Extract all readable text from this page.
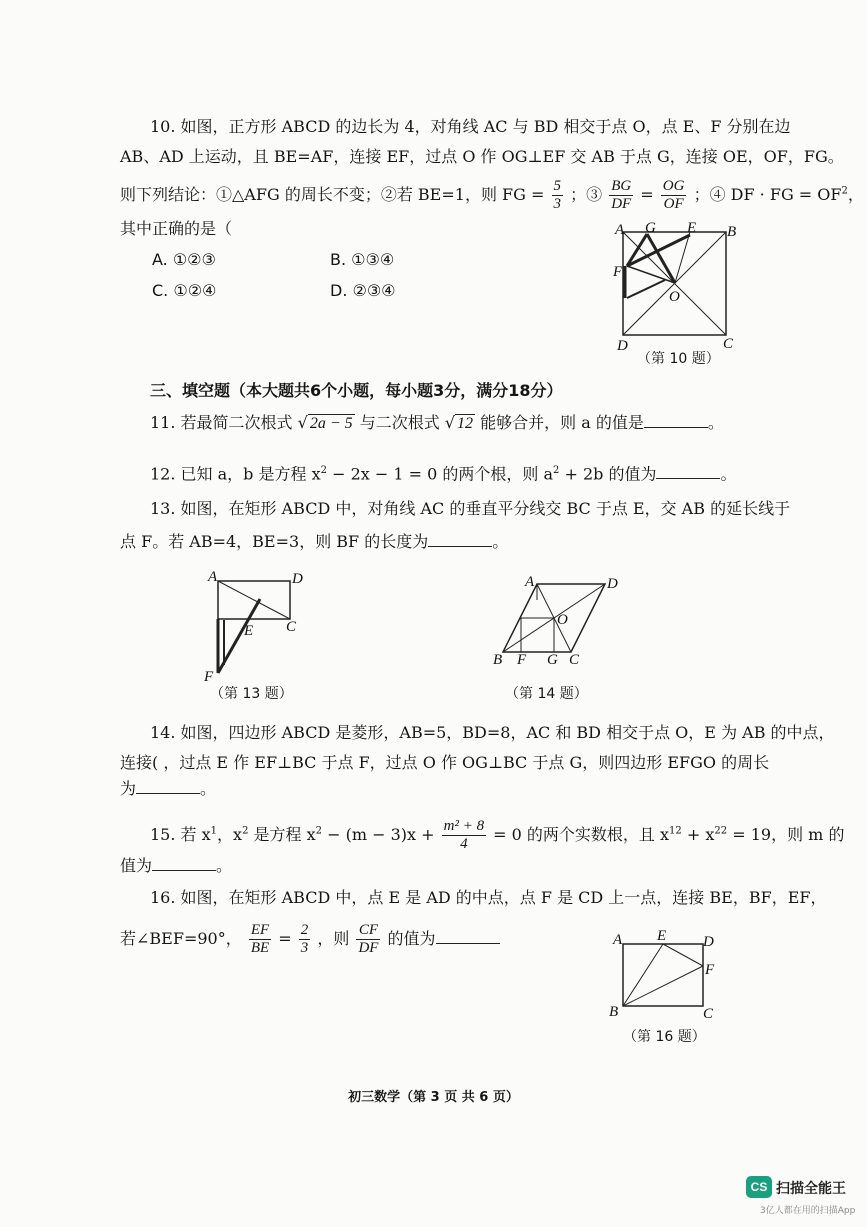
10. 如图，正方形 ABCD 的边长为 4，对角线 AC 与 BD 相交于点 O，点 E、F 分别在边
AB、AD 上运动，且 BE=AF，连接 EF，过点 O 作 OG⊥EF 交 AB 于点 G，连接 OE，OF，FG。
则下列结论：①△AFG 的周长不变；②若 BE=1，则 FG = $\frac{5}{3}$ ；③ $\frac{BG}{DF} = \frac{OG}{OF}$ ；④ DF · FG = $OF^2$，
其中正确的是（
A. ①②③	B. ①③④
C. ①②④	D. ②③④
A G E B
F
O
D	C
（第 10 题）
三、填空题（本大题共6个小题，每小题3分，满分18分）
11. 若最简二次根式 √ 2a − 5 与二次根式 √ 12 能够合并，则 a 的值是	。
12. 已知 a，b 是方程 $x^2 - 2x - 1 = 0$ 的两个根，则 $a^2 + 2b$ 的值为	。
13. 如图，在矩形 ABCD 中，对角线 AC 的垂直平分线交 BC 于点 E，交 AB 的延长线于
点 F。若 AB=4，BE=3，则 BF 的长度为	。
A	D
E C
F
（第 13 题）
A	D
O
B F G C
（第 14 题）
14. 如图，四边形 ABCD 是菱形，AB=5，BD=8，AC 和 BD 相交于点 O，E 为 AB 的中点，
连接( ，过点 E 作 EF⊥BC 于点 F，过点 O 作 OG⊥BC 于点 G，则四边形 EFGO 的周长
为	。
15. 若 $x^1$，$x^2$ 是方程 $x^2 - (m - 3)x + \frac{\text{m² + 8}}{4} = 0$ 的两个实数根，且 $x^{12} + x^{22} = 19$，则 m 的
值为	。
16. 如图，在矩形 ABCD 中，点 E 是 AD 的中点，点 F 是 CD 上一点，连接 BE，BF，EF，
若∠BEF=90°， $\frac{EF}{BE} = \frac{2}{3}$ ，则 $\frac{CF}{DF}$ 的值为	A E D
F
B	C
（第 16 题）
初三数学（第 3 页 共 6 页）
CS 扫描全能王
3亿人都在用的扫描App
